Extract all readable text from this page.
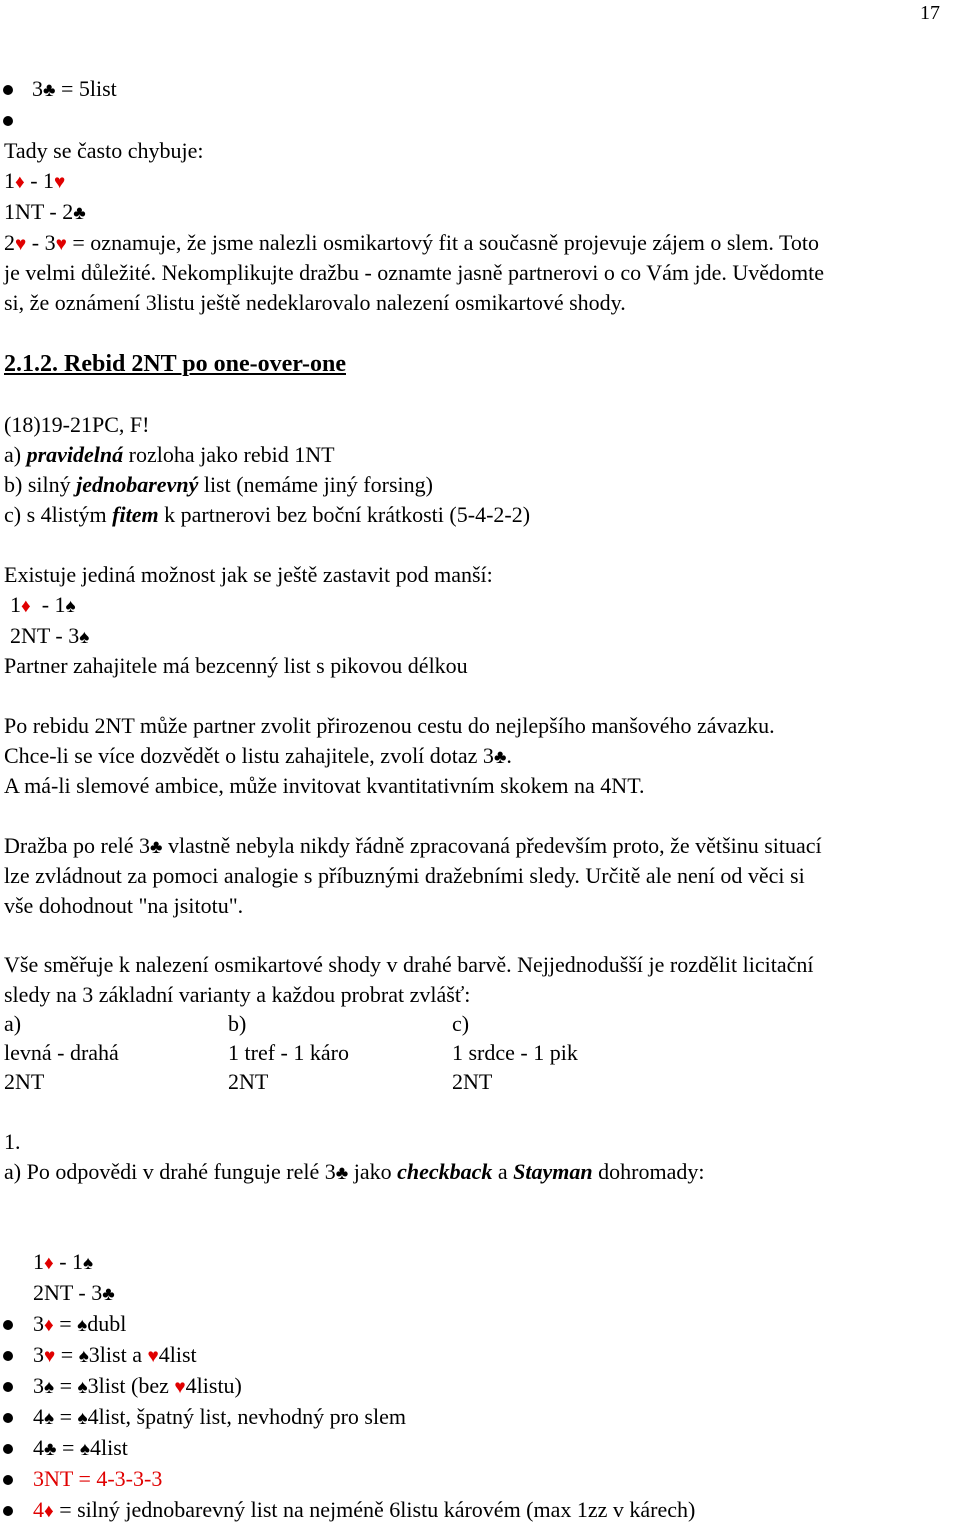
17
3♣ = 5list
Tady se často chybuje:
1♦ - 1♥
1NT - 2♣
2♥ - 3♥ = oznamuje, že jsme nalezli osmikartový fit a současně projevuje zájem o slem. Toto
je velmi důležité. Nekomplikujte dražbu - oznamte jasně partnerovi o co Vám jde. Uvědomte
si, že oznámení 3listu ještě nedeklarovalo nalezení osmikartové shody.
2.1.2. Rebid 2NT po one-over-one
(18)19-21PC, F!
a) pravidelná rozloha jako rebid 1NT
b) silný jednobarevný list (nemáme jiný forsing)
c) s 4listým fitem k partnerovi bez boční krátkosti (5-4-2-2)
Existuje jediná možnost jak se ještě zastavit pod manší:
1♦  - 1♠
2NT - 3♠
Partner zahajitele má bezcenný list s pikovou délkou
Po rebidu 2NT může partner zvolit přirozenou cestu do nejlepšího manšového závazku.
Chce-li se více dozvědět o listu zahajitele, zvolí dotaz 3♣.
A má-li slemové ambice, může invitovat kvantitativním skokem na 4NT.
Dražba po relé 3♣ vlastně nebyla nikdy řádně zpracovaná především proto, že většinu situací
lze zvládnout za pomoci analogie s příbuznými dražebními sledy. Určitě ale není od věci si
vše dohodnout "na jsitotu".
Vše směřuje k nalezení osmikartové shody v drahé barvě. Nejjednodušší je rozdělit licitační
sledy na 3 základní varianty a každou probrat zvlášť:
a)	b)	c)
levná - drahá	1 tref - 1 káro	1 srdce - 1 pik
2NT	2NT	2NT
1.
a) Po odpovědi v drahé funguje relé 3♣ jako checkback a Stayman dohromady:
1♦ - 1♠
2NT - 3♣
3♦ = ♠dubl
3♥ = ♠3list a ♥4list
3♠ = ♠3list (bez ♥4listu)
4♠ = ♠4list, špatný list, nevhodný pro slem
4♣ = ♠4list
3NT = 4-3-3-3
4♦ = silný jednobarevný list na nejméně 6listu károvém (max 1zz v kárech)
